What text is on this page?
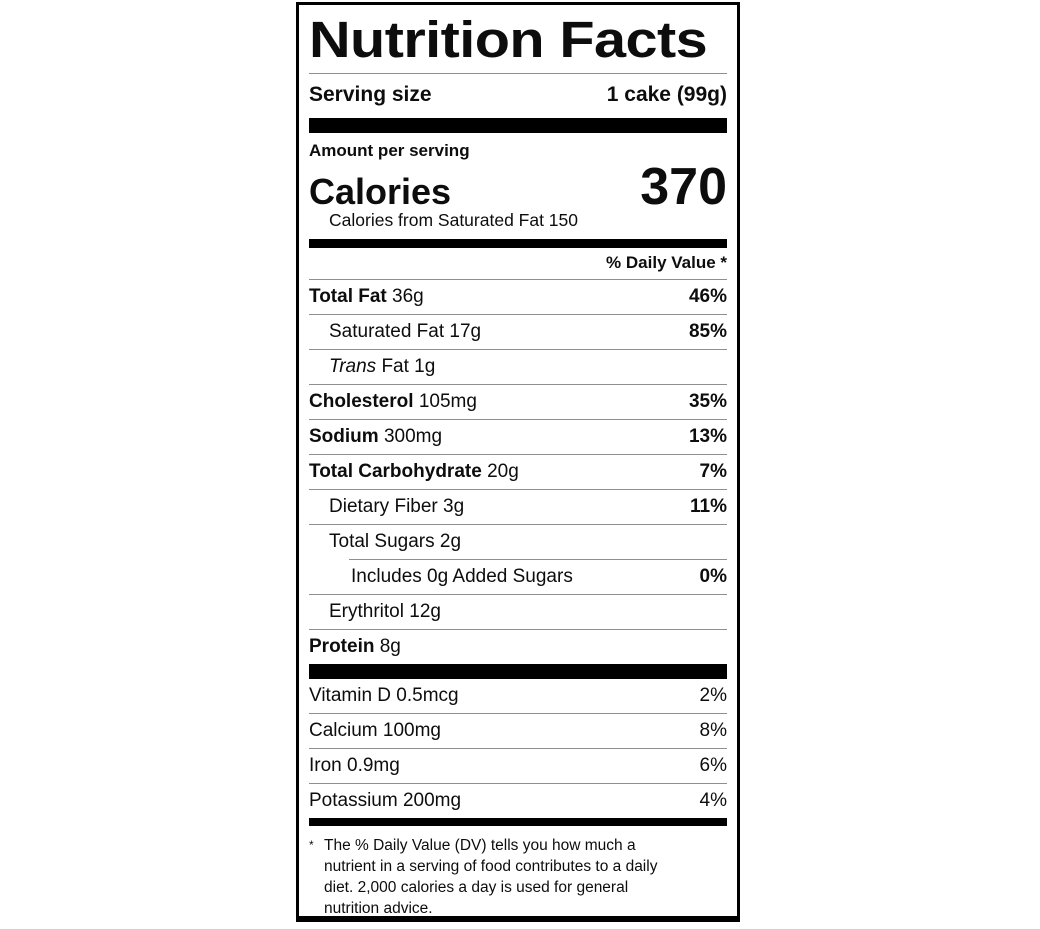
Nutrition Facts
Serving size	1 cake (99g)
Amount per serving
Calories	370
Calories from Saturated Fat 150
% Daily Value *
Total Fat 36g	46%
Saturated Fat 17g	85%
Trans Fat 1g
Cholesterol 105mg	35%
Sodium 300mg	13%
Total Carbohydrate 20g	7%
Dietary Fiber 3g	11%
Total Sugars 2g
Includes 0g Added Sugars	0%
Erythritol 12g
Protein 8g
Vitamin D 0.5mcg	2%
Calcium 100mg	8%
Iron 0.9mg	6%
Potassium 200mg	4%
* The % Daily Value (DV) tells you how much a nutrient in a serving of food contributes to a daily diet. 2,000 calories a day is used for general nutrition advice.
